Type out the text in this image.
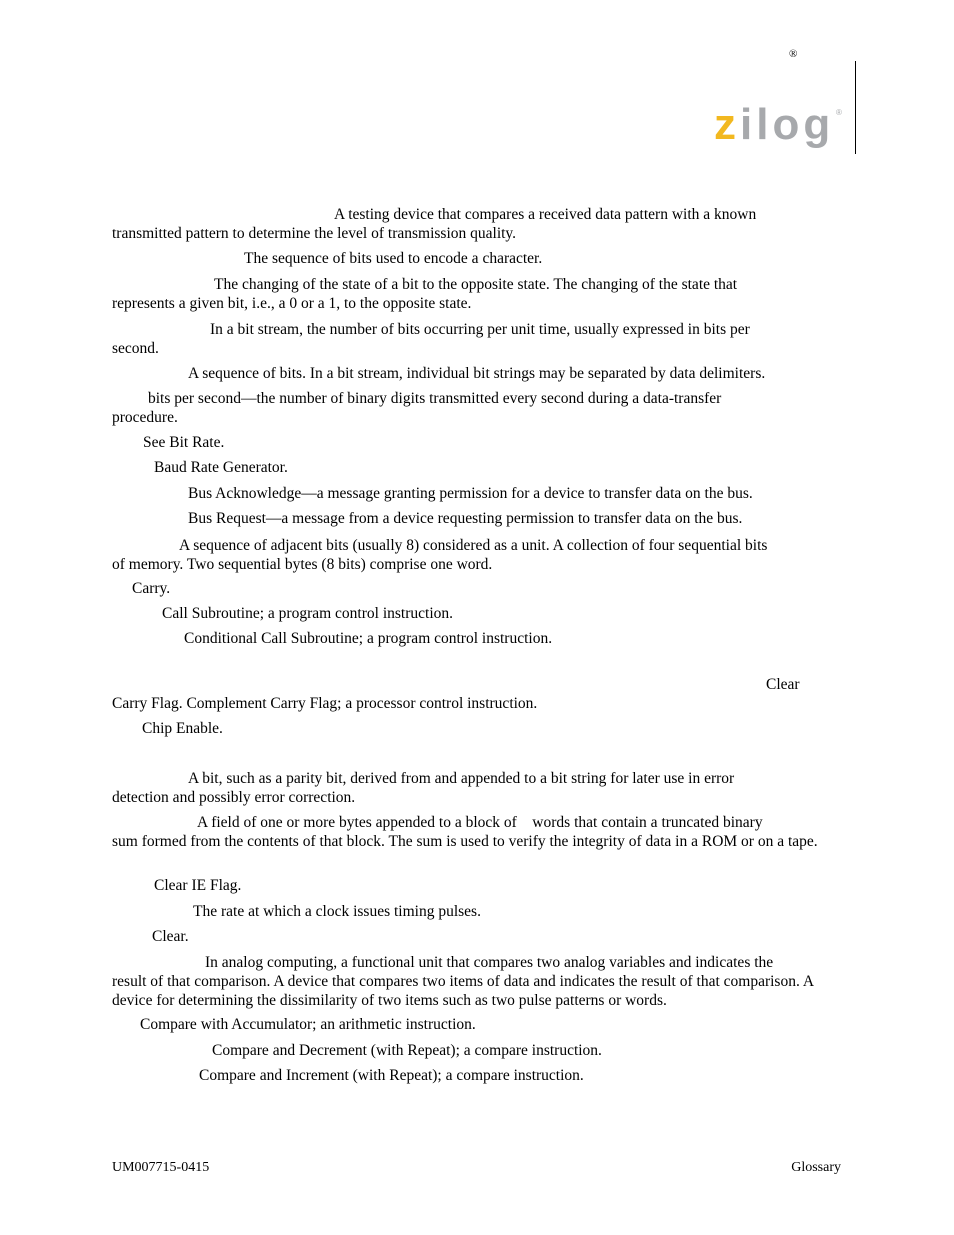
®
zilog ®
A testing device that compares a received data pattern with a known
transmitted pattern to determine the level of transmission quality.
The sequence of bits used to encode a character.
The changing of the state of a bit to the opposite state. The changing of the state that
represents a given bit, i.e., a 0 or a 1, to the opposite state.
In a bit stream, the number of bits occurring per unit time, usually expressed in bits per
second.
A sequence of bits. In a bit stream, individual bit strings may be separated by data delimiters.
bits per second—the number of binary digits transmitted every second during a data-transfer
procedure.
See Bit Rate.
Baud Rate Generator.
Bus Acknowledge—a message granting permission for a device to transfer data on the bus.
Bus Request—a message from a device requesting permission to transfer data on the bus.
A sequence of adjacent bits (usually 8) considered as a unit. A collection of four sequential bits
of memory. Two sequential bytes (8 bits) comprise one word.
Carry.
Call Subroutine; a program control instruction.
Conditional Call Subroutine; a program control instruction.
Clear
Carry Flag. Complement Carry Flag; a processor control instruction.
Chip Enable.
A bit, such as a parity bit, derived from and appended to a bit string for later use in error
detection and possibly error correction.
A field of one or more bytes appended to a block of    words that contain a truncated binary
sum formed from the contents of that block. The sum is used to verify the integrity of data in a ROM or on a tape.
Clear IE Flag.
The rate at which a clock issues timing pulses.
Clear.
In analog computing, a functional unit that compares two analog variables and indicates the
result of that comparison. A device that compares two items of data and indicates the result of that comparison. A device for determining the dissimilarity of two items such as two pulse patterns or words.
Compare with Accumulator; an arithmetic instruction.
Compare and Decrement (with Repeat); a compare instruction.
Compare and Increment (with Repeat); a compare instruction.
UM007715-0415	Glossary
